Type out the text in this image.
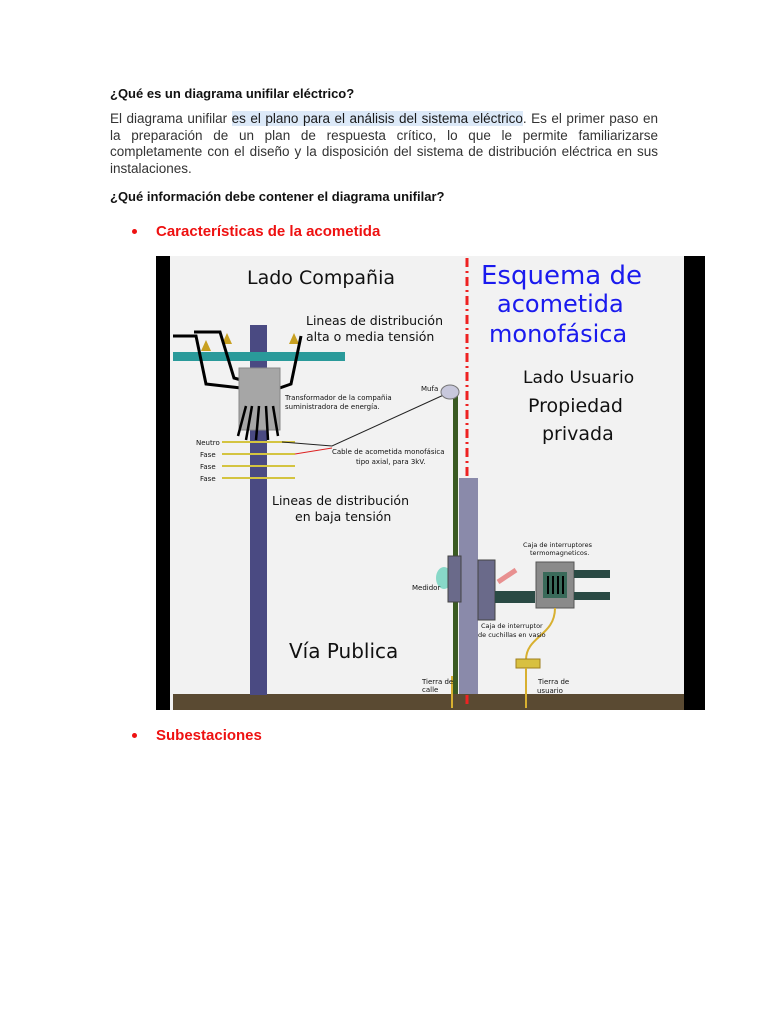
¿Qué es un diagrama unifilar eléctrico?

El diagrama unifilar es el plano para el análisis del sistema eléctrico. Es el primer paso en la preparación de un plan de respuesta crítico, lo que le permite familiarizarse completamente con el diseño y la disposición del sistema de distribución eléctrica en sus instalaciones.

¿Qué información debe contener el diagrama unifilar?
Características de la acometida
Lado Compañia	Esquema de
acometida
monofásica
Lineas de distribución
alta o media tensión
Lado Usuario
Propiedad
privada
Mufa
Transformador de la compañia
suministradora de energía.
Neutro
Fase
Fase
Fase
Cable de acometida monofásica
tipo axial, para 3kV.
Lineas de distribución
en baja tensión
Caja de interruptores
termomagneticos.
Medidor
Caja de interruptor
de cuchillas en vasio
Vía Publica
Tierra de
calle
Tierra de
usuario
Subestaciones
